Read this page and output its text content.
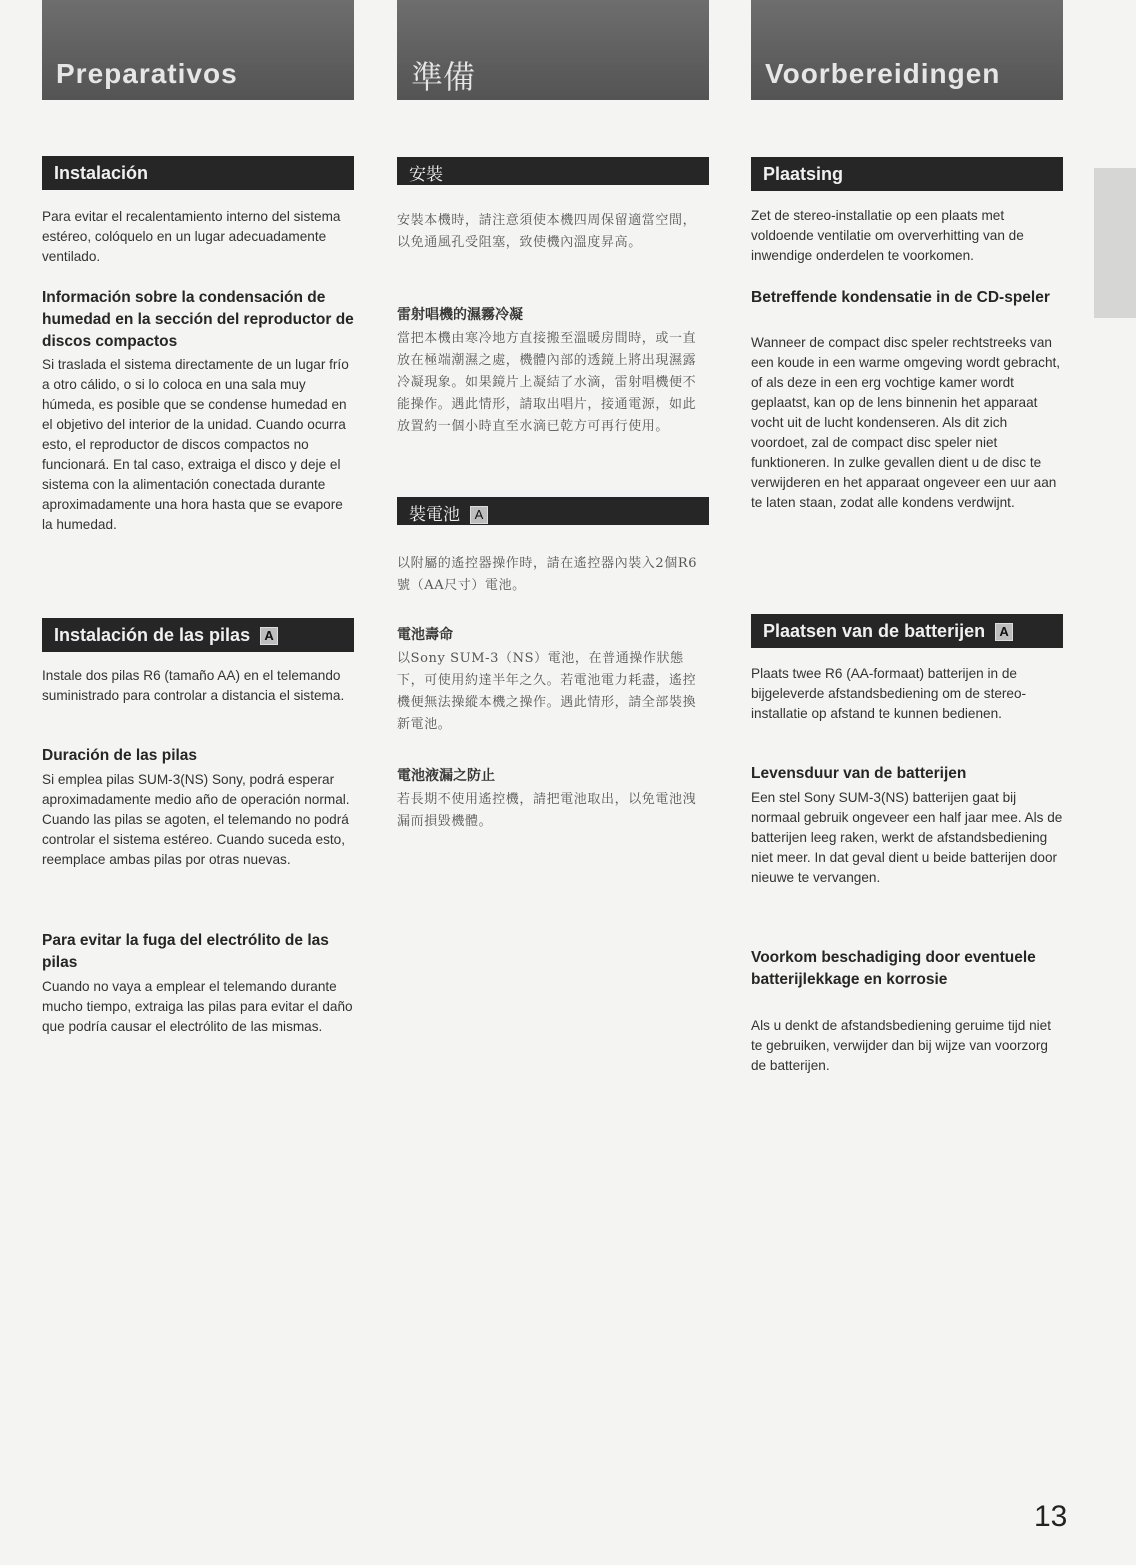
Preparativos
Instalación

Para evitar el recalentamiento interno del sistema estéreo, colóquelo en un lugar adecuadamente ventilado.

Información sobre la condensación de humedad en la sección del reproductor de discos compactos

Si traslada el sistema directamente de un lugar frío a otro cálido, o si lo coloca en una sala muy húmeda, es posible que se condense humedad en el objetivo del interior de la unidad. Cuando ocurra esto, el reproductor de discos compactos no funcionará. En tal caso, extraiga el disco y deje el sistema con la alimentación conectada durante aproximadamente una hora hasta que se evapore la humedad.

Instalación de las pilas A

Instale dos pilas R6 (tamaño AA) en el telemando suministrado para controlar a distancia el sistema.

Duración de las pilas

Si emplea pilas SUM-3(NS) Sony, podrá esperar aproximadamente medio año de operación normal. Cuando las pilas se agoten, el telemando no podrá controlar el sistema estéreo. Cuando suceda esto, reemplace ambas pilas por otras nuevas.

Para evitar la fuga del electrólito de las pilas

Cuando no vaya a emplear el telemando durante mucho tiempo, extraiga las pilas para evitar el daño que podría causar el electrólito de las mismas.

準備
安裝

安裝本機時，請注意須使本機四周保留適當空間，以免通風孔受阻塞，致使機內溫度昇高。

雷射唱機的濕霧冷凝

當把本機由寒冷地方直接搬至溫暖房間時，或一直放在極端潮濕之處，機體內部的透鏡上將出現濕露冷凝現象。如果鏡片上凝結了水滴，雷射唱機便不能操作。遇此情形，請取出唱片，接通電源，如此放置約一個小時直至水滴已乾方可再行使用。

裝電池 A

以附屬的遙控器操作時，請在遙控器內裝入2個R6號（AA尺寸）電池。

電池壽命

以Sony SUM-3（NS）電池，在普通操作狀態下，可使用約達半年之久。若電池電力耗盡，遙控機便無法操縱本機之操作。遇此情形，請全部裝換新電池。

電池液漏之防止

若長期不使用遙控機，請把電池取出，以免電池洩漏而損毀機體。

Voorbereidingen
Plaatsing

Zet de stereo-installatie op een plaats met voldoende ventilatie om oververhitting van de inwendige onderdelen te voorkomen.

Betreffende kondensatie in de CD-speler

Wanneer de compact disc speler rechtstreeks van een koude in een warme omgeving wordt gebracht, of als deze in een erg vochtige kamer wordt geplaatst, kan op de lens binnenin het apparaat vocht uit de lucht kondenseren. Als dit zich voordoet, zal de compact disc speler niet funktioneren. In zulke gevallen dient u de disc te verwijderen en het apparaat ongeveer een uur aan te laten staan, zodat alle kondens verdwijnt.

Plaatsen van de batterijen A

Plaats twee R6 (AA-formaat) batterijen in de bijgeleverde afstandsbediening om de stereo-installatie op afstand te kunnen bedienen.

Levensduur van de batterijen

Een stel Sony SUM-3(NS) batterijen gaat bij normaal gebruik ongeveer een half jaar mee. Als de batterijen leeg raken, werkt de afstandsbediening niet meer. In dat geval dient u beide batterijen door nieuwe te vervangen.

Voorkom beschadiging door eventuele batterijlekkage en korrosie

Als u denkt de afstandsbediening geruime tijd niet te gebruiken, verwijder dan bij wijze van voorzorg de batterijen.

13
